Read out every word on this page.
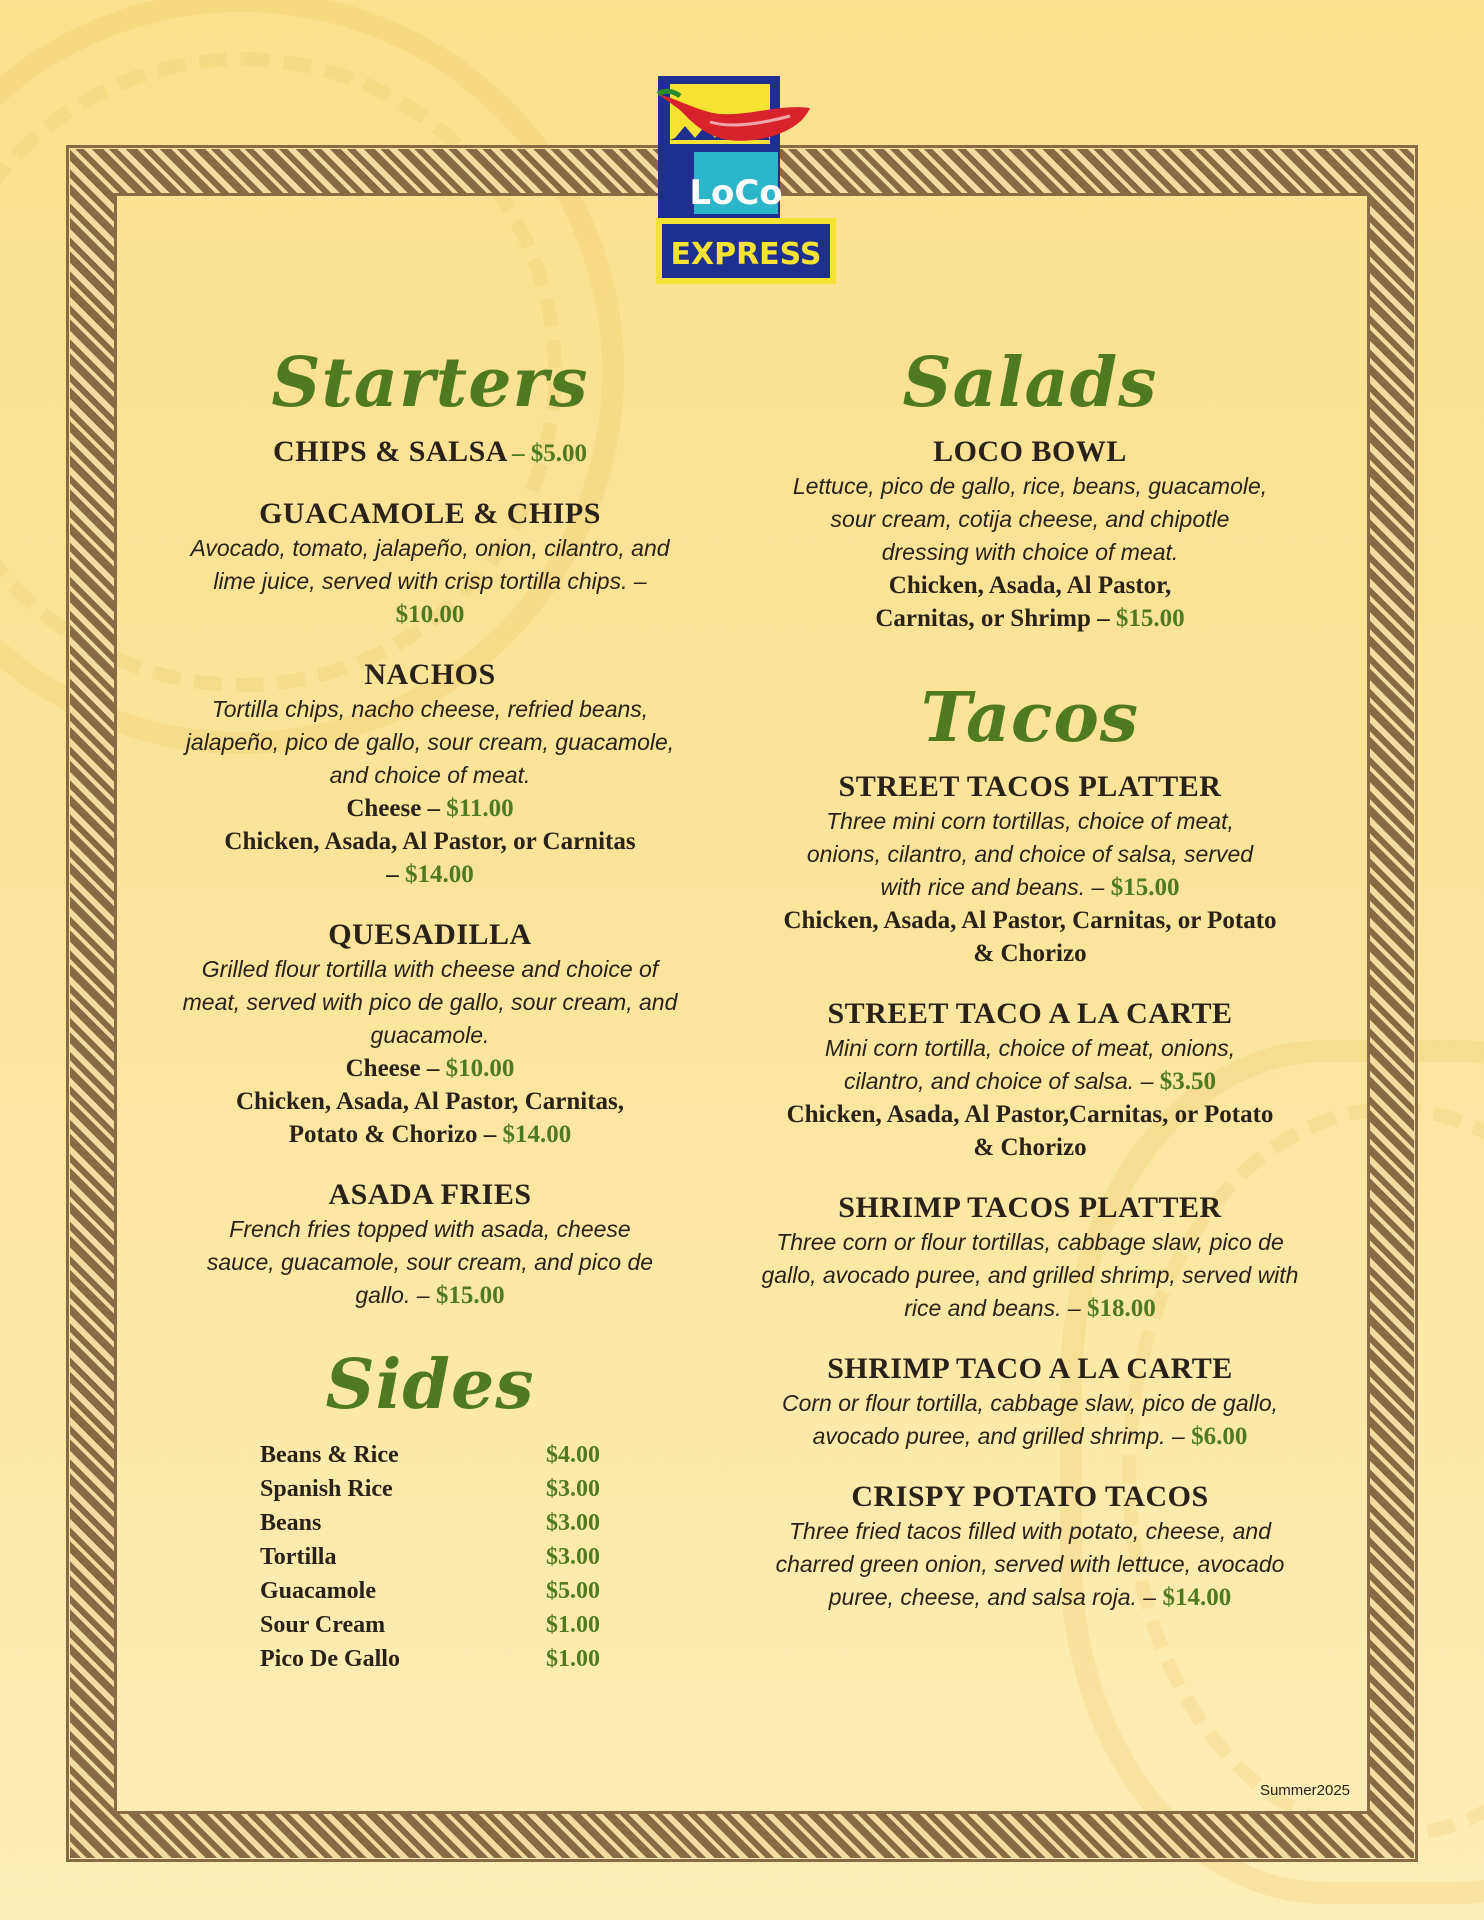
LoCo
EXPRESS
Starters
CHIPS & SALSA – $5.00
GUACAMOLE & CHIPS
Avocado, tomato, jalapeño, onion, cilantro, and lime juice, served with crisp tortilla chips. – $10.00
NACHOS
Tortilla chips, nacho cheese, refried beans, jalapeño, pico de gallo, sour cream, guacamole, and choice of meat.
Cheese – $11.00
Chicken, Asada, Al Pastor, or Carnitas – $14.00
QUESADILLA
Grilled flour tortilla with cheese and choice of meat, served with pico de gallo, sour cream, and guacamole.
Cheese – $10.00
Chicken, Asada, Al Pastor, Carnitas, Potato & Chorizo – $14.00
ASADA FRIES
French fries topped with asada, cheese sauce, guacamole, sour cream, and pico de gallo. – $15.00
Sides
Beans & Rice	$4.00
Spanish Rice	$3.00
Beans	$3.00
Tortilla	$3.00
Guacamole	$5.00
Sour Cream	$1.00
Pico De Gallo	$1.00
Salads
LOCO BOWL
Lettuce, pico de gallo, rice, beans, guacamole, sour cream, cotija cheese, and chipotle dressing with choice of meat.
Chicken, Asada, Al Pastor, Carnitas, or Shrimp – $15.00
Tacos
STREET TACOS PLATTER
Three mini corn tortillas, choice of meat, onions, cilantro, and choice of salsa, served with rice and beans. – $15.00
Chicken, Asada, Al Pastor, Carnitas, or Potato & Chorizo
STREET TACO A LA CARTE
Mini corn tortilla, choice of meat, onions, cilantro, and choice of salsa. – $3.50
Chicken, Asada, Al Pastor,Carnitas, or Potato & Chorizo
SHRIMP TACOS PLATTER
Three corn or flour tortillas, cabbage slaw, pico de gallo, avocado puree, and grilled shrimp, served with rice and beans. – $18.00
SHRIMP TACO A LA CARTE
Corn or flour tortilla, cabbage slaw, pico de gallo, avocado puree, and grilled shrimp. – $6.00
CRISPY POTATO TACOS
Three fried tacos filled with potato, cheese, and charred green onion, served with lettuce, avocado puree, cheese, and salsa roja. – $14.00
Summer2025
